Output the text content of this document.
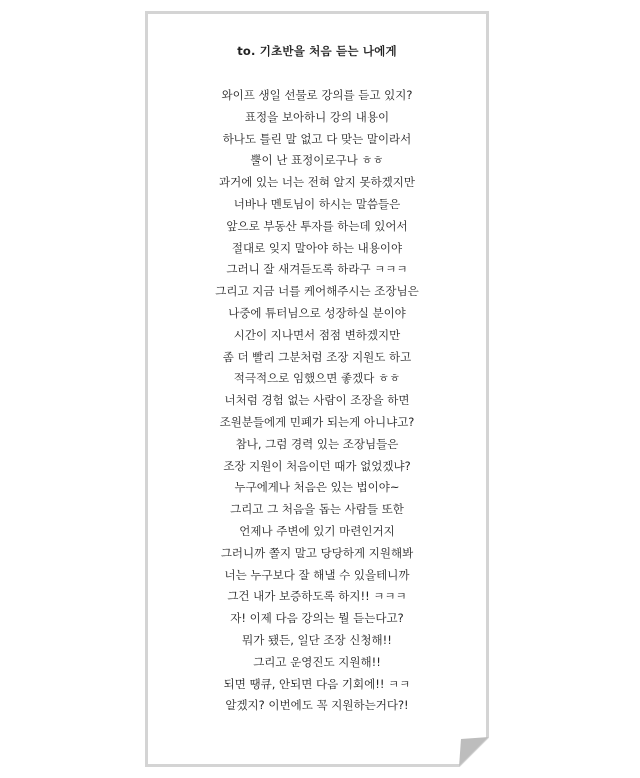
to. 기초반을 처음 듣는 나에게

와이프 생일 선물로 강의를 듣고 있지?
표정을 보아하니 강의 내용이
하나도 틀린 말 없고 다 맞는 말이라서
뿔이 난 표정이로구나 ㅎㅎ
과거에 있는 너는 전혀 알지 못하겠지만
너바나 멘토님이 하시는 말씀들은
앞으로 부동산 투자를 하는데 있어서
절대로 잊지 말아야 하는 내용이야
그러니 잘 새겨듣도록 하라구 ㅋㅋㅋ
그리고 지금 너를 케어해주시는 조장님은
나중에 튜터님으로 성장하실 분이야
시간이 지나면서 점점 변하겠지만
좀 더 빨리 그분처럼 조장 지원도 하고
적극적으로 임했으면 좋겠다 ㅎㅎ
너처럼 경험 없는 사람이 조장을 하면
조원분들에게 민폐가 되는게 아니냐고?
참나, 그럼 경력 있는 조장님들은
조장 지원이 처음이던 때가 없었겠냐?
누구에게나 처음은 있는 법이야~
그리고 그 처음을 돕는 사람들 또한
언제나 주변에 있기 마련인거지
그러니까 쫄지 말고 당당하게 지원해봐
너는 누구보다 잘 해낼 수 있을테니까
그건 내가 보증하도록 하지!! ㅋㅋㅋ
자! 이제 다음 강의는 뭘 듣는다고?
뭐가 됐든, 일단 조장 신청해!!
그리고 운영진도 지원해!!
되면 땡큐, 안되면 다음 기회에!! ㅋㅋ
알겠지? 이번에도 꼭 지원하는거다?!
